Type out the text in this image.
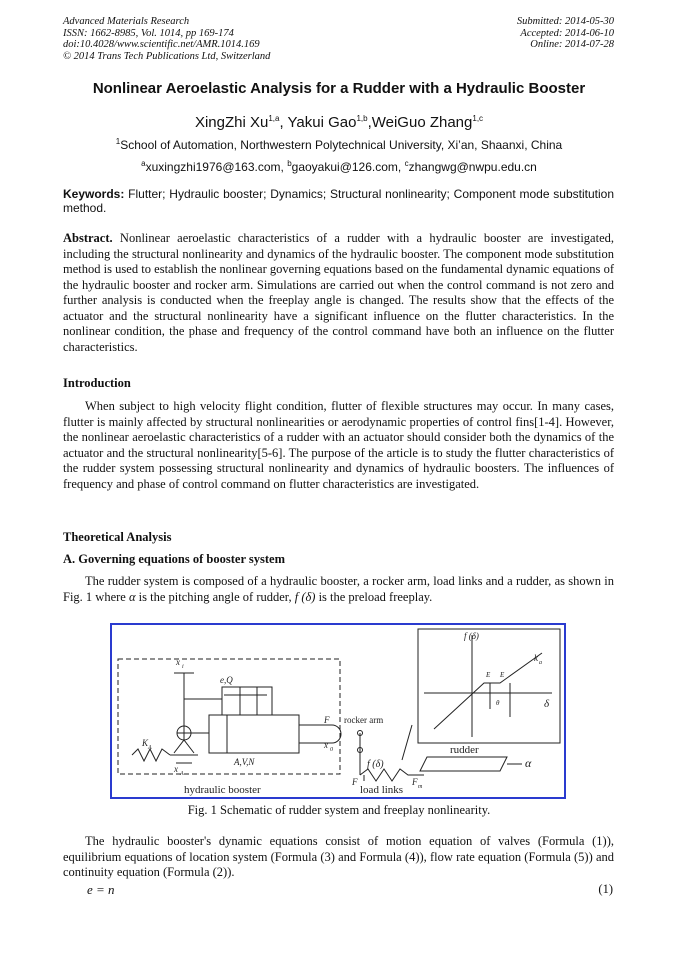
Advanced Materials Research
ISSN: 1662-8985, Vol. 1014, pp 169-174
doi:10.4028/www.scientific.net/AMR.1014.169
© 2014 Trans Tech Publications Ltd, Switzerland
Submitted: 2014-05-30
Accepted: 2014-06-10
Online: 2014-07-28
Nonlinear Aeroelastic Analysis for a Rudder with a Hydraulic Booster
XingZhi Xu$^{1,a}$, Yakui Gao$^{1,b}$,WeiGuo Zhang$^{1,c}$
$^1$School of Automation, Northwestern Polytechnical University, Xi’an, Shaanxi, China
$^a$xuxingzhi1976@163.com, $^b$gaoyakui@126.com, $^c$zhangwg@nwpu.edu.cn
Keywords: Flutter; Hydraulic booster; Dynamics; Structural nonlinearity; Component mode substitution method.
Abstract. Nonlinear aeroelastic characteristics of a rudder with a hydraulic booster are investigated, including the structural nonlinearity and dynamics of the hydraulic booster. The component mode substitution method is used to establish the nonlinear governing equations based on the fundamental dynamic equations of the hydraulic booster and rocker arm. Simulations are carried out when the control command is not zero and further analysis is conducted when the freeplay angle is changed. The results show that the effects of the actuator and the structural nonlinearity have a significant influence on the flutter characteristics. In the nonlinear condition, the phase and frequency of the control command have both an influence on the flutter characteristics.
Introduction
When subject to high velocity flight condition, flutter of flexible structures may occur. In many cases, flutter is mainly affected by structural nonlinearities or aerodynamic properties of control fins[1-4]. However, the nonlinear aeroelastic characteristics of a rudder with an actuator should consider both the dynamics of the actuator and the structural nonlinearity[5-6]. The purpose of the article is to study the flutter characteristics of the rudder system possessing structural nonlinearity and dynamics of hydraulic boosters. The influences of frequency and phase of control command on flutter characteristics are investigated.
Theoretical Analysis
A. Governing equations of booster system
The rudder system is composed of a hydraulic booster, a rocker arm, load links and a rudder, as shown in Fig. 1 where α is the pitching angle of rudder, f (δ) is the preload freeplay.
x i
e,Q
F rocker arm
x 0
K A
x A
A,V,N
hydraulic booster
f (δ)
rudder
α
load links
F m
F
f (δ)
δ
k a
E E
θ
Fig. 1 Schematic of rudder system and freeplay nonlinearity.
The hydraulic booster's dynamic equations consist of motion equation of valves (Formula (1)), equilibrium equations of location system (Formula (3) and Formula (4)), flow rate equation (Formula (5)) and continuity equation (Formula (2)).
e = n	(1)
